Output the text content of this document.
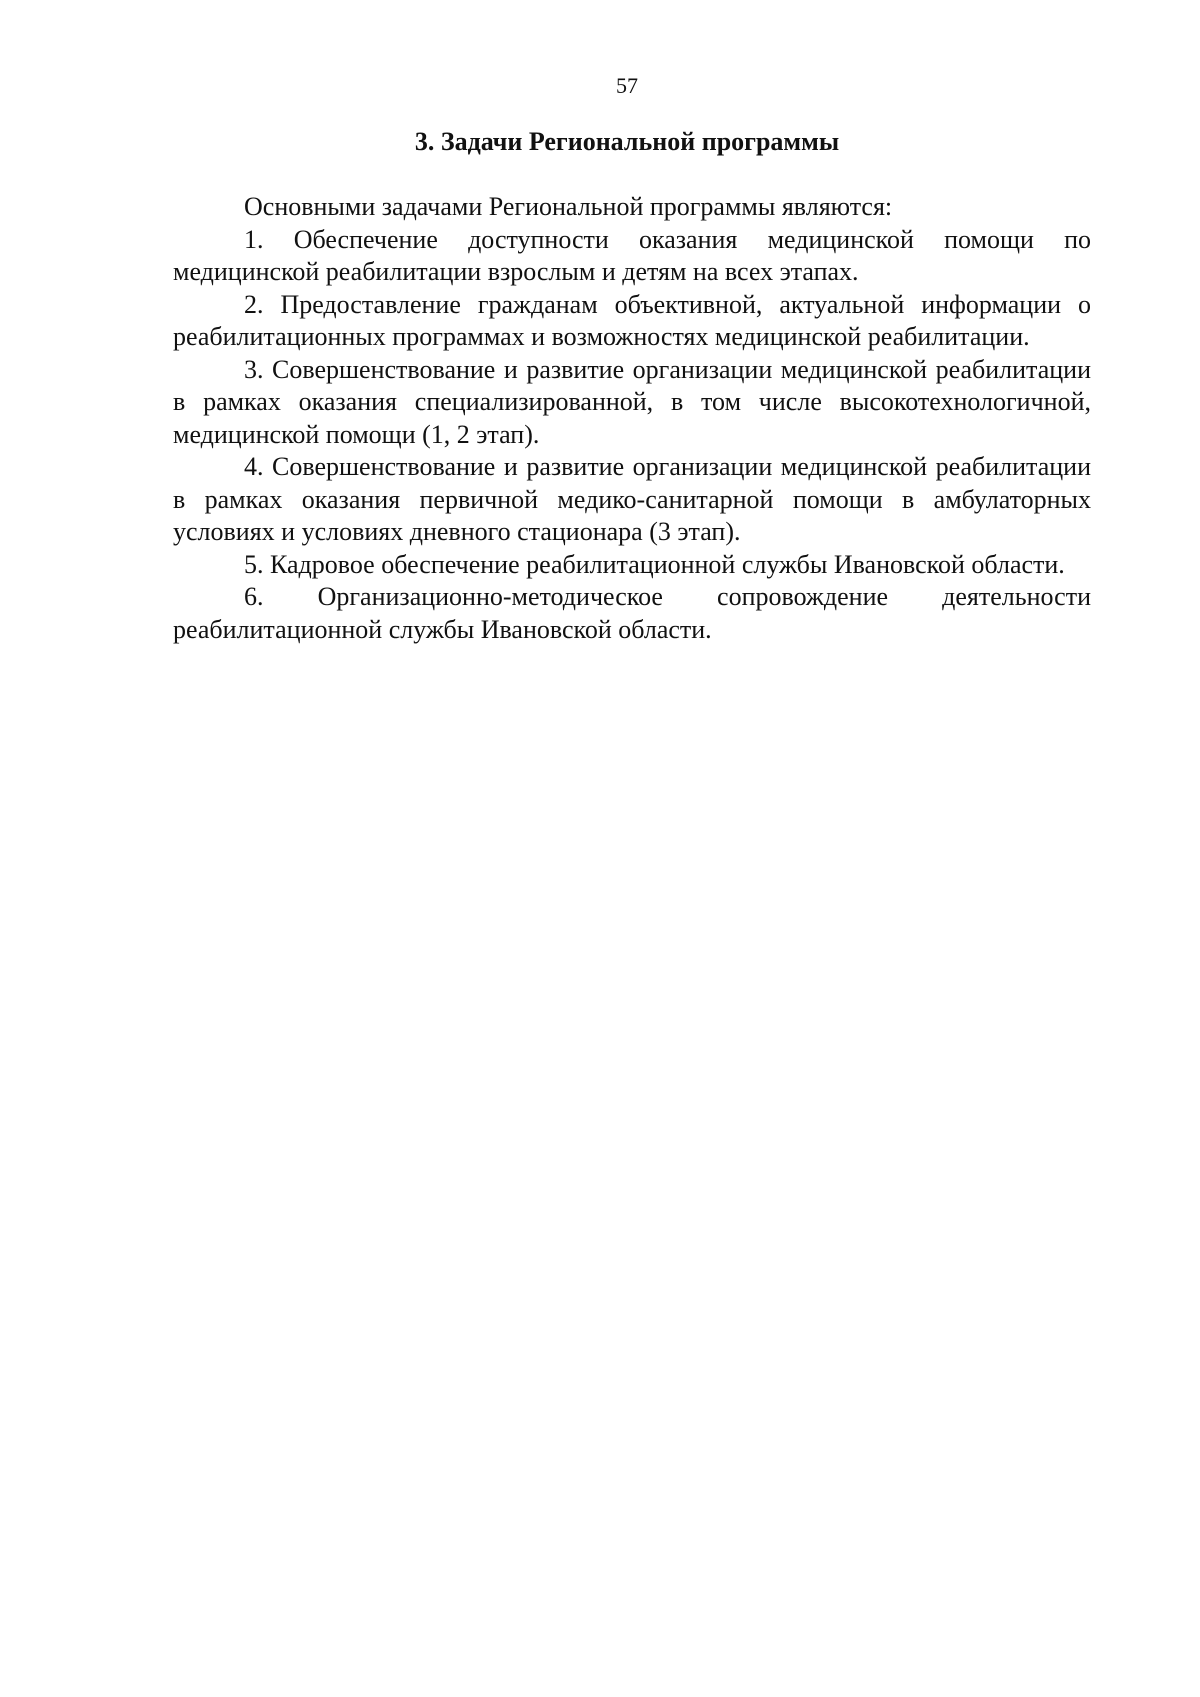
57
3. Задачи Региональной программы

Основными задачами Региональной программы являются:

1. Обеспечение доступности оказания медицинской помощи по медицинской реабилитации взрослым и детям на всех этапах.

2. Предоставление гражданам объективной, актуальной информации о реабилитационных программах и возможностях медицинской реабилитации.

3. Совершенствование и развитие организации медицинской реабилитации в рамках оказания специализированной, в том числе высокотехнологичной, медицинской помощи (1, 2 этап).

4. Совершенствование и развитие организации медицинской реабилитации в рамках оказания первичной медико-санитарной помощи в амбулаторных условиях и условиях дневного стационара (3 этап).

5. Кадровое обеспечение реабилитационной службы Ивановской области.

6. Организационно-методическое сопровождение деятельности реабилитационной службы Ивановской области.
